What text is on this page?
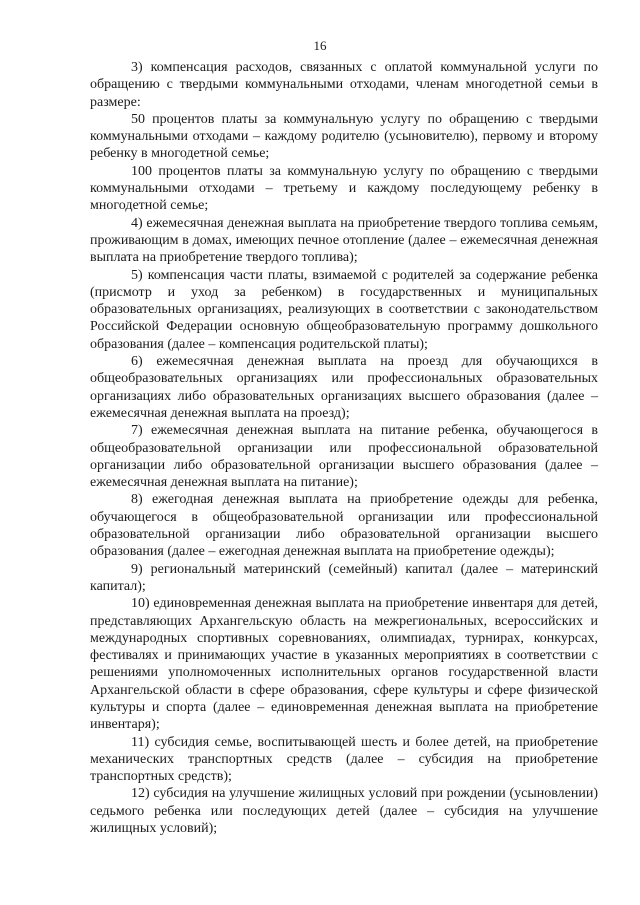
16

3) компенсация расходов, связанных с оплатой коммунальной услуги по обращению с твердыми коммунальными отходами, членам многодетной семьи в размере:

50 процентов платы за коммунальную услугу по обращению с твердыми коммунальными отходами – каждому родителю (усыновителю), первому и второму ребенку в многодетной семье;

100 процентов платы за коммунальную услугу по обращению с твердыми коммунальными отходами – третьему и каждому последующему ребенку в многодетной семье;

4) ежемесячная денежная выплата на приобретение твердого топлива семьям, проживающим в домах, имеющих печное отопление (далее – ежемесячная денежная выплата на приобретение твердого топлива);

5) компенсация части платы, взимаемой с родителей за содержание ребенка (присмотр и уход за ребенком) в государственных и муниципальных образовательных организациях, реализующих в соответствии с законодательством Российской Федерации основную общеобразовательную программу дошкольного образования (далее – компенсация родительской платы);

6) ежемесячная денежная выплата на проезд для обучающихся в общеобразовательных организациях или профессиональных образовательных организациях либо образовательных организациях высшего образования (далее – ежемесячная денежная выплата на проезд);

7) ежемесячная денежная выплата на питание ребенка, обучающегося в общеобразовательной организации или профессиональной образовательной организации либо образовательной организации высшего образования (далее – ежемесячная денежная выплата на питание);

8) ежегодная денежная выплата на приобретение одежды для ребенка, обучающегося в общеобразовательной организации или профессиональной образовательной организации либо образовательной организации высшего образования (далее – ежегодная денежная выплата на приобретение одежды);

9) региональный материнский (семейный) капитал (далее – материнский капитал);

10) единовременная денежная выплата на приобретение инвентаря для детей, представляющих Архангельскую область на межрегиональных, всероссийских и международных спортивных соревнованиях, олимпиадах, турнирах, конкурсах, фестивалях и принимающих участие в указанных мероприятиях в соответствии с решениями уполномоченных исполнительных органов государственной власти Архангельской области в сфере образования, сфере культуры и сфере физической культуры и спорта (далее – единовременная денежная выплата на приобретение инвентаря);

11) субсидия семье, воспитывающей шесть и более детей, на приобретение механических транспортных средств (далее – субсидия на приобретение транспортных средств);

12) субсидия на улучшение жилищных условий при рождении (усыновлении) седьмого ребенка или последующих детей (далее – субсидия на улучшение жилищных условий);
